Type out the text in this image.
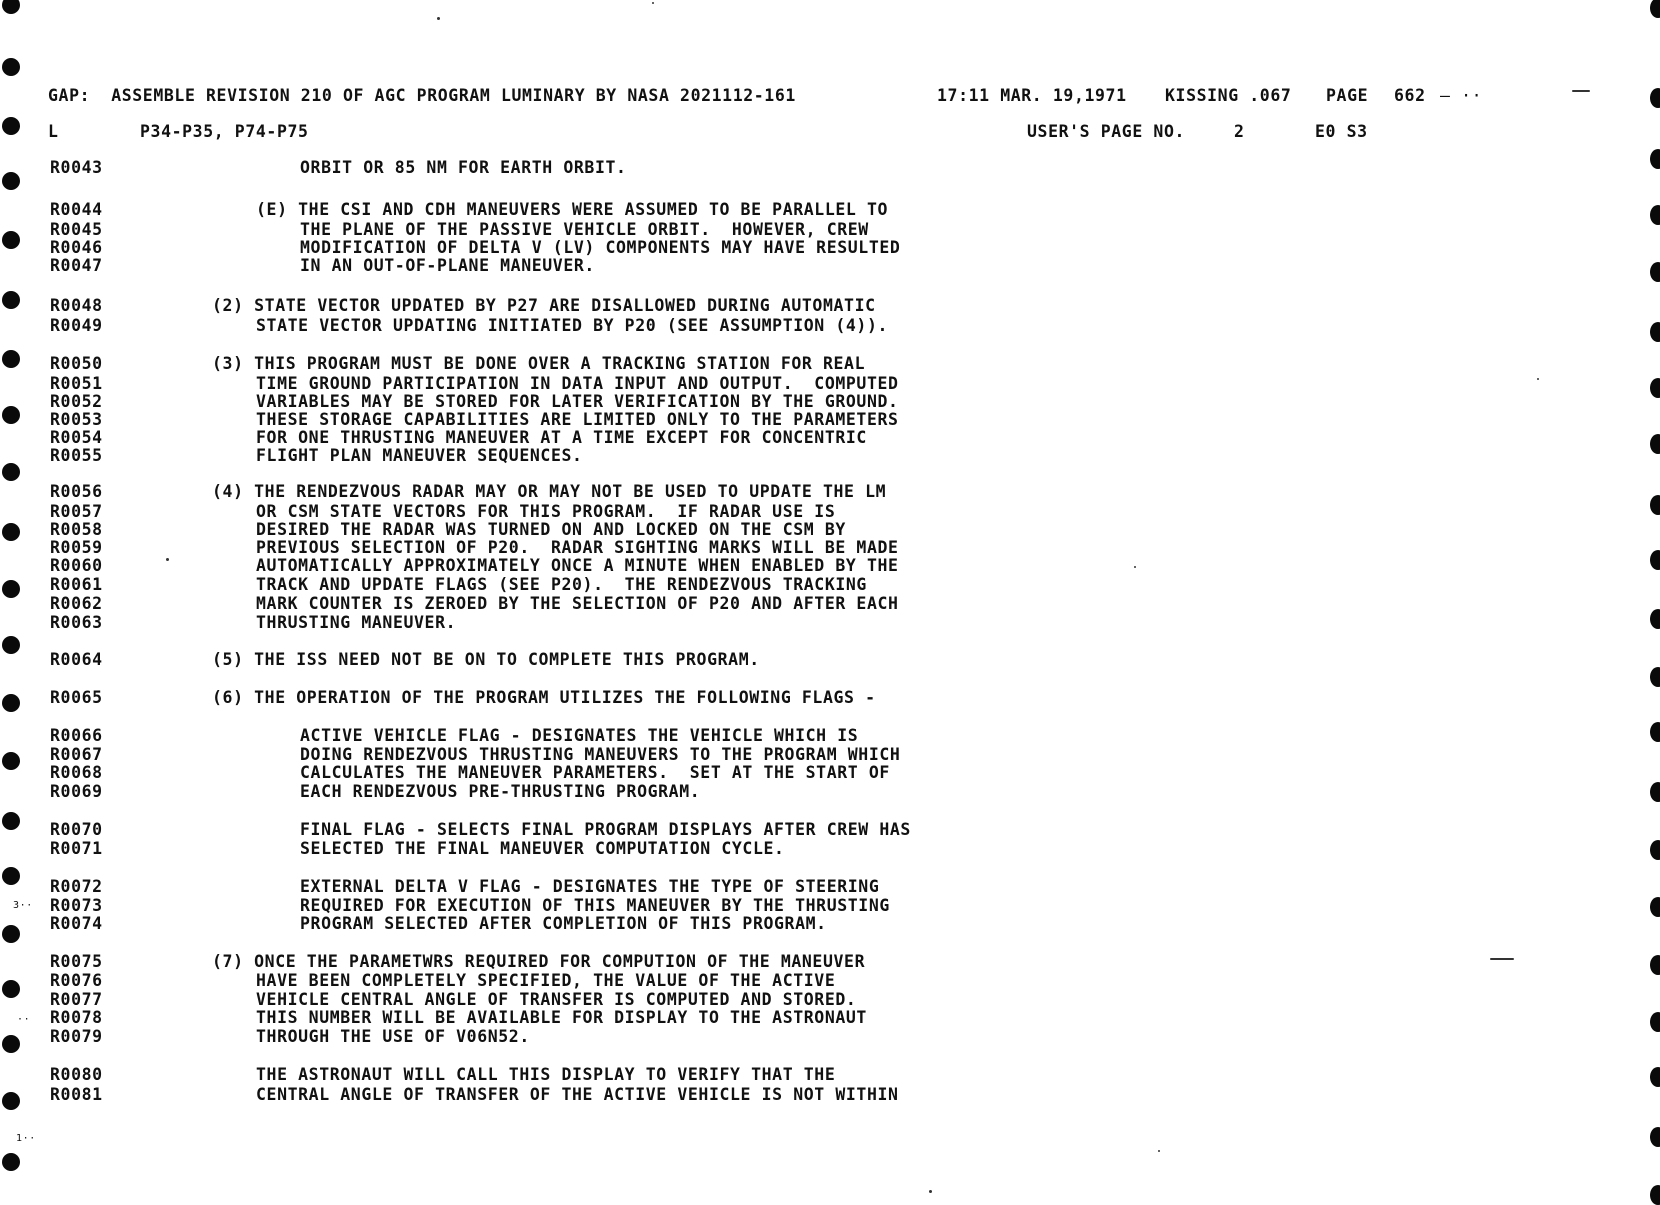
3··
··
1··
GAP:  ASSEMBLE REVISION 210 OF AGC PROGRAM LUMINARY BY NASA 2021112-161	17:11 MAR. 19,1971 KISSING .067 PAGE 662 — ··
L	P34-P35, P74-P75	USER'S PAGE NO.	2	E0 S3
R0043	ORBIT OR 85 NM FOR EARTH ORBIT.
R0044	(E) THE CSI AND CDH MANEUVERS WERE ASSUMED TO BE PARALLEL TO
R0045	THE PLANE OF THE PASSIVE VEHICLE ORBIT.  HOWEVER, CREW
R0046	MODIFICATION OF DELTA V (LV) COMPONENTS MAY HAVE RESULTED
R0047	IN AN OUT-OF-PLANE MANEUVER.
R0048	(2) STATE VECTOR UPDATED BY P27 ARE DISALLOWED DURING AUTOMATIC
R0049	STATE VECTOR UPDATING INITIATED BY P20 (SEE ASSUMPTION (4)).
R0050	(3) THIS PROGRAM MUST BE DONE OVER A TRACKING STATION FOR REAL
R0051	TIME GROUND PARTICIPATION IN DATA INPUT AND OUTPUT.  COMPUTED
R0052	VARIABLES MAY BE STORED FOR LATER VERIFICATION BY THE GROUND.
R0053	THESE STORAGE CAPABILITIES ARE LIMITED ONLY TO THE PARAMETERS
R0054	FOR ONE THRUSTING MANEUVER AT A TIME EXCEPT FOR CONCENTRIC
R0055	FLIGHT PLAN MANEUVER SEQUENCES.
R0056	(4) THE RENDEZVOUS RADAR MAY OR MAY NOT BE USED TO UPDATE THE LM
R0057	OR CSM STATE VECTORS FOR THIS PROGRAM.  IF RADAR USE IS
R0058	DESIRED THE RADAR WAS TURNED ON AND LOCKED ON THE CSM BY
R0059	PREVIOUS SELECTION OF P20.  RADAR SIGHTING MARKS WILL BE MADE
R0060	AUTOMATICALLY APPROXIMATELY ONCE A MINUTE WHEN ENABLED BY THE
R0061	TRACK AND UPDATE FLAGS (SEE P20).  THE RENDEZVOUS TRACKING
R0062	MARK COUNTER IS ZEROED BY THE SELECTION OF P20 AND AFTER EACH
R0063	THRUSTING MANEUVER.
R0064	(5) THE ISS NEED NOT BE ON TO COMPLETE THIS PROGRAM.
R0065	(6) THE OPERATION OF THE PROGRAM UTILIZES THE FOLLOWING FLAGS -
R0066	ACTIVE VEHICLE FLAG - DESIGNATES THE VEHICLE WHICH IS
R0067	DOING RENDEZVOUS THRUSTING MANEUVERS TO THE PROGRAM WHICH
R0068	CALCULATES THE MANEUVER PARAMETERS.  SET AT THE START OF
R0069	EACH RENDEZVOUS PRE-THRUSTING PROGRAM.
R0070	FINAL FLAG - SELECTS FINAL PROGRAM DISPLAYS AFTER CREW HAS
R0071	SELECTED THE FINAL MANEUVER COMPUTATION CYCLE.
R0072	EXTERNAL DELTA V FLAG - DESIGNATES THE TYPE OF STEERING
R0073	REQUIRED FOR EXECUTION OF THIS MANEUVER BY THE THRUSTING
R0074	PROGRAM SELECTED AFTER COMPLETION OF THIS PROGRAM.
R0075	(7) ONCE THE PARAMETWRS REQUIRED FOR COMPUTION OF THE MANEUVER
R0076	HAVE BEEN COMPLETELY SPECIFIED, THE VALUE OF THE ACTIVE
R0077	VEHICLE CENTRAL ANGLE OF TRANSFER IS COMPUTED AND STORED.
R0078	THIS NUMBER WILL BE AVAILABLE FOR DISPLAY TO THE ASTRONAUT
R0079	THROUGH THE USE OF V06N52.
R0080	THE ASTRONAUT WILL CALL THIS DISPLAY TO VERIFY THAT THE
R0081	CENTRAL ANGLE OF TRANSFER OF THE ACTIVE VEHICLE IS NOT WITHIN
